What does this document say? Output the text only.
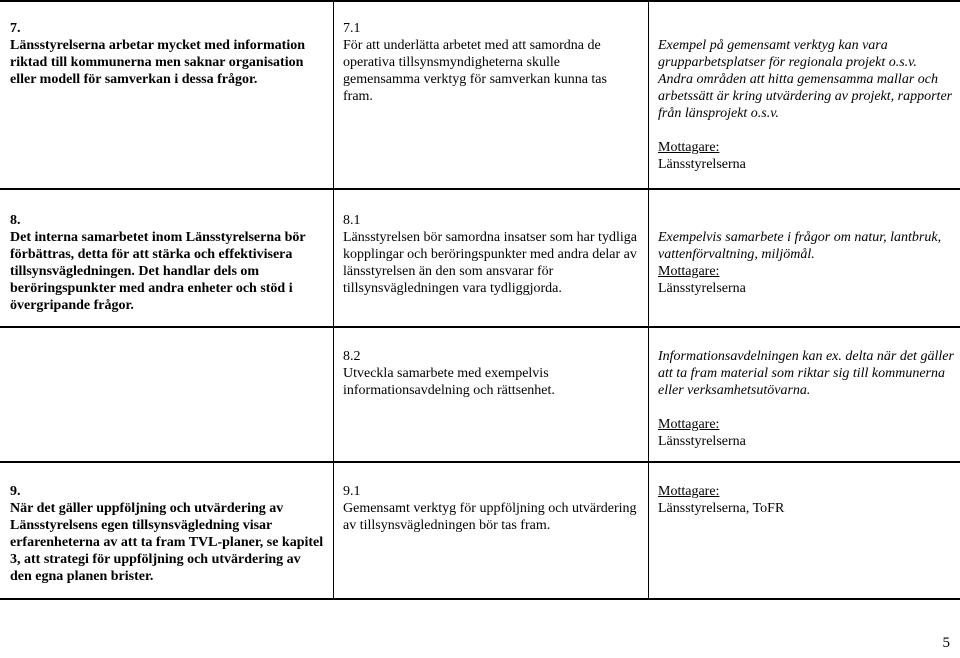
7.
Länsstyrelserna arbetar mycket med information riktad till kommunerna men saknar organisation eller modell för samverkan i dessa frågor.
7.1
För att underlätta arbetet med att samordna de operativa tillsynsmyndigheterna skulle gemensamma verktyg för samverkan kunna tas fram.
Exempel på gemensamt verktyg kan vara grupparbetsplatser för regionala projekt o.s.v. Andra områden att hitta gemensamma mallar och arbetssätt är kring utvärdering av projekt, rapporter från länsprojekt o.s.v.
Mottagare:
Länsstyrelserna
8.
Det interna samarbetet inom Länsstyrelserna bör förbättras, detta för att stärka och effektivisera tillsynsvägledningen. Det handlar dels om beröringspunkter med andra enheter och stöd i övergripande frågor.
8.1
Länsstyrelsen bör samordna insatser som har tydliga kopplingar och beröringspunkter med andra delar av länsstyrelsen än den som ansvarar för tillsynsvägledningen vara tydliggjorda.
Exempelvis samarbete i frågor om natur, lantbruk, vattenförvaltning, miljömål.
Mottagare:
Länsstyrelserna
8.2
Utveckla samarbete med exempelvis informationsavdelning och rättsenhet.
Informationsavdelningen kan ex. delta när det gäller att ta fram material som riktar sig till kommunerna eller verksamhetsutövarna.
Mottagare:
Länsstyrelserna
9.
När det gäller uppföljning och utvärdering av Länsstyrelsens egen tillsynsvägledning visar erfarenheterna av att ta fram TVL-planer, se kapitel 3, att strategi för uppföljning och utvärdering av den egna planen brister.
9.1
Gemensamt verktyg för uppföljning och utvärdering av tillsynsvägledningen bör tas fram.
Mottagare:
Länsstyrelserna, ToFR
5
